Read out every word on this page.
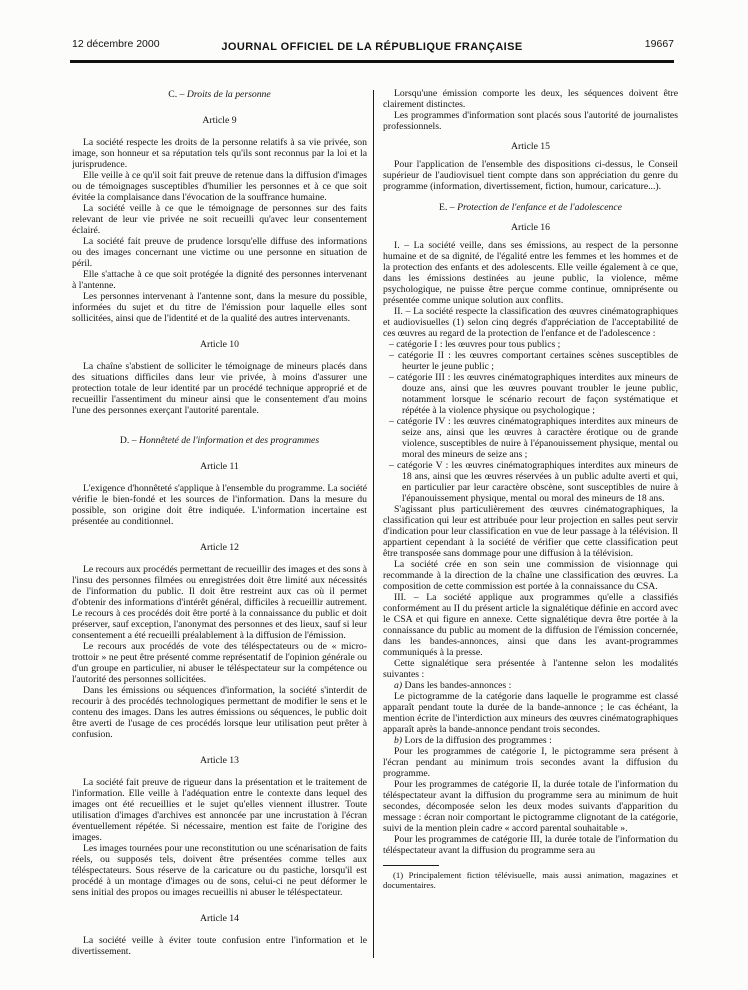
12 décembre 2000	JOURNAL OFFICIEL DE LA RÉPUBLIQUE FRANÇAISE	19667
C. – Droits de la personne
Article 9

La société respecte les droits de la personne relatifs à sa vie privée, son image, son honneur et sa réputation tels qu'ils sont reconnus par la loi et la jurisprudence.

Elle veille à ce qu'il soit fait preuve de retenue dans la diffusion d'images ou de témoignages susceptibles d'humilier les personnes et à ce que soit évitée la complaisance dans l'évocation de la souffrance humaine.

La société veille à ce que le témoignage de personnes sur des faits relevant de leur vie privée ne soit recueilli qu'avec leur consentement éclairé.

La société fait preuve de prudence lorsqu'elle diffuse des informations ou des images concernant une victime ou une personne en situation de péril.

Elle s'attache à ce que soit protégée la dignité des personnes intervenant à l'antenne.

Les personnes intervenant à l'antenne sont, dans la mesure du possible, informées du sujet et du titre de l'émission pour laquelle elles sont sollicitées, ainsi que de l'identité et de la qualité des autres intervenants.

Article 10

La chaîne s'abstient de solliciter le témoignage de mineurs placés dans des situations difficiles dans leur vie privée, à moins d'assurer une protection totale de leur identité par un procédé technique approprié et de recueillir l'assentiment du mineur ainsi que le consentement d'au moins l'une des personnes exerçant l'autorité parentale.

D. – Honnêteté de l'information et des programmes
Article 11

L'exigence d'honnêteté s'applique à l'ensemble du programme. La société vérifie le bien-fondé et les sources de l'information. Dans la mesure du possible, son origine doit être indiquée. L'information incertaine est présentée au conditionnel.

Article 12

Le recours aux procédés permettant de recueillir des images et des sons à l'insu des personnes filmées ou enregistrées doit être limité aux nécessités de l'information du public. Il doit être restreint aux cas où il permet d'obtenir des informations d'intérêt général, difficiles à recueillir autrement. Le recours à ces procédés doit être porté à la connaissance du public et doit préserver, sauf exception, l'anonymat des personnes et des lieux, sauf si leur consentement a été recueilli préalablement à la diffusion de l'émission.

Le recours aux procédés de vote des téléspectateurs ou de « micro-trottoir » ne peut être présenté comme représentatif de l'opinion générale ou d'un groupe en particulier, ni abuser le téléspectateur sur la compétence ou l'autorité des personnes sollicitées.

Dans les émissions ou séquences d'information, la société s'interdit de recourir à des procédés technologiques permettant de modifier le sens et le contenu des images. Dans les autres émissions ou séquences, le public doit être averti de l'usage de ces procédés lorsque leur utilisation peut prêter à confusion.

Article 13

La société fait preuve de rigueur dans la présentation et le traitement de l'information. Elle veille à l'adéquation entre le contexte dans lequel des images ont été recueillies et le sujet qu'elles viennent illustrer. Toute utilisation d'images d'archives est annoncée par une incrustation à l'écran éventuellement répétée. Si nécessaire, mention est faite de l'origine des images.

Les images tournées pour une reconstitution ou une scénarisation de faits réels, ou supposés tels, doivent être présentées comme telles aux téléspectateurs. Sous réserve de la caricature ou du pastiche, lorsqu'il est procédé à un montage d'images ou de sons, celui-ci ne peut déformer le sens initial des propos ou images recueillis ni abuser le téléspectateur.

Article 14

La société veille à éviter toute confusion entre l'information et le divertissement.

Lorsqu'une émission comporte les deux, les séquences doivent être clairement distinctes.

Les programmes d'information sont placés sous l'autorité de journalistes professionnels.

Article 15

Pour l'application de l'ensemble des dispositions ci-dessus, le Conseil supérieur de l'audiovisuel tient compte dans son appréciation du genre du programme (information, divertissement, fiction, humour, caricature...).

E. – Protection de l'enfance et de l'adolescence
Article 16

I. – La société veille, dans ses émissions, au respect de la personne humaine et de sa dignité, de l'égalité entre les femmes et les hommes et de la protection des enfants et des adolescents. Elle veille également à ce que, dans les émissions destinées au jeune public, la violence, même psychologique, ne puisse être perçue comme continue, omniprésente ou présentée comme unique solution aux conflits.

II. – La société respecte la classification des œuvres cinématographiques et audiovisuelles (1) selon cinq degrés d'appréciation de l'acceptabilité de ces œuvres au regard de la protection de l'enfance et de l'adolescence :

– catégorie I : les œuvres pour tous publics ;

– catégorie II : les œuvres comportant certaines scènes susceptibles de heurter le jeune public ;

– catégorie III : les œuvres cinématographiques interdites aux mineurs de douze ans, ainsi que les œuvres pouvant troubler le jeune public, notamment lorsque le scénario recourt de façon systématique et répétée à la violence physique ou psychologique ;

– catégorie IV : les œuvres cinématographiques interdites aux mineurs de seize ans, ainsi que les œuvres à caractère érotique ou de grande violence, susceptibles de nuire à l'épanouissement physique, mental ou moral des mineurs de seize ans ;

– catégorie V : les œuvres cinématographiques interdites aux mineurs de 18 ans, ainsi que les œuvres réservées à un public adulte averti et qui, en particulier par leur caractère obscène, sont susceptibles de nuire à l'épanouissement physique, mental ou moral des mineurs de 18 ans.

S'agissant plus particulièrement des œuvres cinématographiques, la classification qui leur est attribuée pour leur projection en salles peut servir d'indication pour leur classification en vue de leur passage à la télévision. Il appartient cependant à la société de vérifier que cette classification peut être transposée sans dommage pour une diffusion à la télévision.

La société crée en son sein une commission de visionnage qui recommande à la direction de la chaîne une classification des œuvres. La composition de cette commission est portée à la connaissance du CSA.

III. – La société applique aux programmes qu'elle a classifiés conformément au II du présent article la signalétique définie en accord avec le CSA et qui figure en annexe. Cette signalétique devra être portée à la connaissance du public au moment de la diffusion de l'émission concernée, dans les bandes-annonces, ainsi que dans les avant-programmes communiqués à la presse.

Cette signalétique sera présentée à l'antenne selon les modalités suivantes :

a) Dans les bandes-annonces :

Le pictogramme de la catégorie dans laquelle le programme est classé apparaît pendant toute la durée de la bande-annonce ; le cas échéant, la mention écrite de l'interdiction aux mineurs des œuvres cinématographiques apparaît après la bande-annonce pendant trois secondes.

b) Lors de la diffusion des programmes :

Pour les programmes de catégorie I, le pictogramme sera présent à l'écran pendant au minimum trois secondes avant la diffusion du programme.

Pour les programmes de catégorie II, la durée totale de l'information du téléspectateur avant la diffusion du programme sera au minimum de huit secondes, décomposée selon les deux modes suivants d'apparition du message : écran noir comportant le pictogramme clignotant de la catégorie, suivi de la mention plein cadre « accord parental souhaitable ».

Pour les programmes de catégorie III, la durée totale de l'information du téléspectateur avant la diffusion du programme sera au

(1) Principalement fiction télévisuelle, mais aussi animation, magazines et documentaires.
